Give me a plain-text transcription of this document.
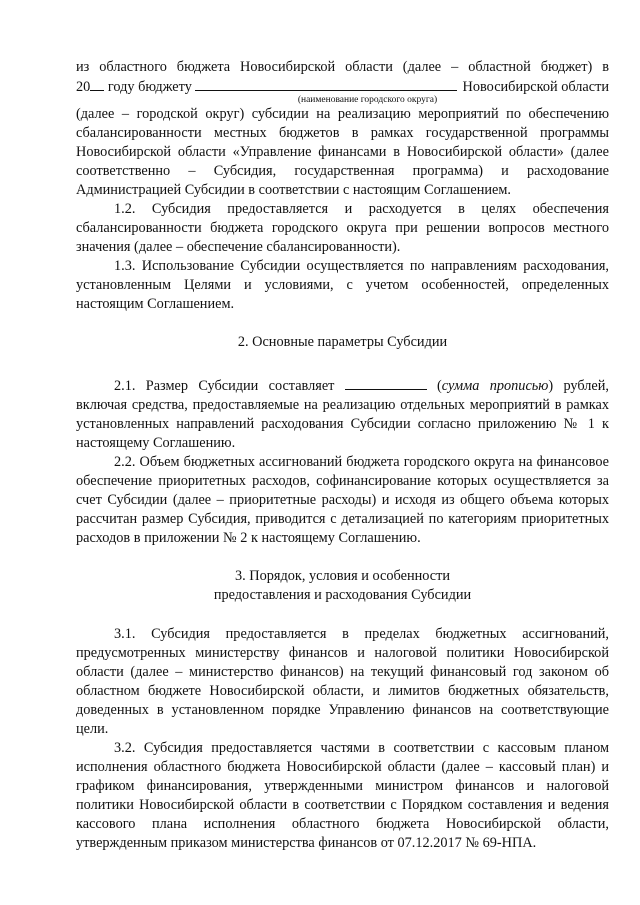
из областного бюджета Новосибирской области (далее – областной бюджет) в

20 году бюджету	Новосибирской области

(наименование городского округа)

(далее – городской округ) субсидии на реализацию мероприятий по обеспечению сбалансированности местных бюджетов в рамках государственной программы Новосибирской области «Управление финансами в Новосибирской области» (далее соответственно – Субсидия, государственная программа) и расходование Администрацией Субсидии в соответствии с настоящим Соглашением.

1.2. Субсидия предоставляется и расходуется в целях обеспечения сбалансированности бюджета городского округа при решении вопросов местного значения (далее – обеспечение сбалансированности).

1.3. Использование Субсидии осуществляется по направлениям расходования, установленным Целями и условиями, с учетом особенностей, определенных настоящим Соглашением.

2. Основные параметры Субсидии

2.1. Размер Субсидии составляет	(сумма прописью) рублей, включая средства, предоставляемые на реализацию отдельных мероприятий в рамках установленных направлений расходования Субсидии согласно приложению № 1 к настоящему Соглашению.

2.2. Объем бюджетных ассигнований бюджета городского округа на финансовое обеспечение приоритетных расходов, софинансирование которых осуществляется за счет Субсидии (далее – приоритетные расходы) и исходя из общего объема которых рассчитан размер Субсидия, приводится с детализацией по категориям приоритетных расходов в приложении № 2 к настоящему Соглашению.

3. Порядок, условия и особенности

предоставления и расходования Субсидии

3.1. Субсидия предоставляется в пределах бюджетных ассигнований, предусмотренных министерству финансов и налоговой политики Новосибирской области (далее – министерство финансов) на текущий финансовый год законом об областном бюджете Новосибирской области, и лимитов бюджетных обязательств, доведенных в установленном порядке Управлению финансов на соответствующие цели.

3.2. Субсидия предоставляется частями в соответствии с кассовым планом исполнения областного бюджета Новосибирской области (далее – кассовый план) и графиком финансирования, утвержденными министром финансов и налоговой политики Новосибирской области в соответствии с Порядком составления и ведения кассового плана исполнения областного бюджета Новосибирской области, утвержденным приказом министерства финансов от 07.12.2017 № 69-НПА.
